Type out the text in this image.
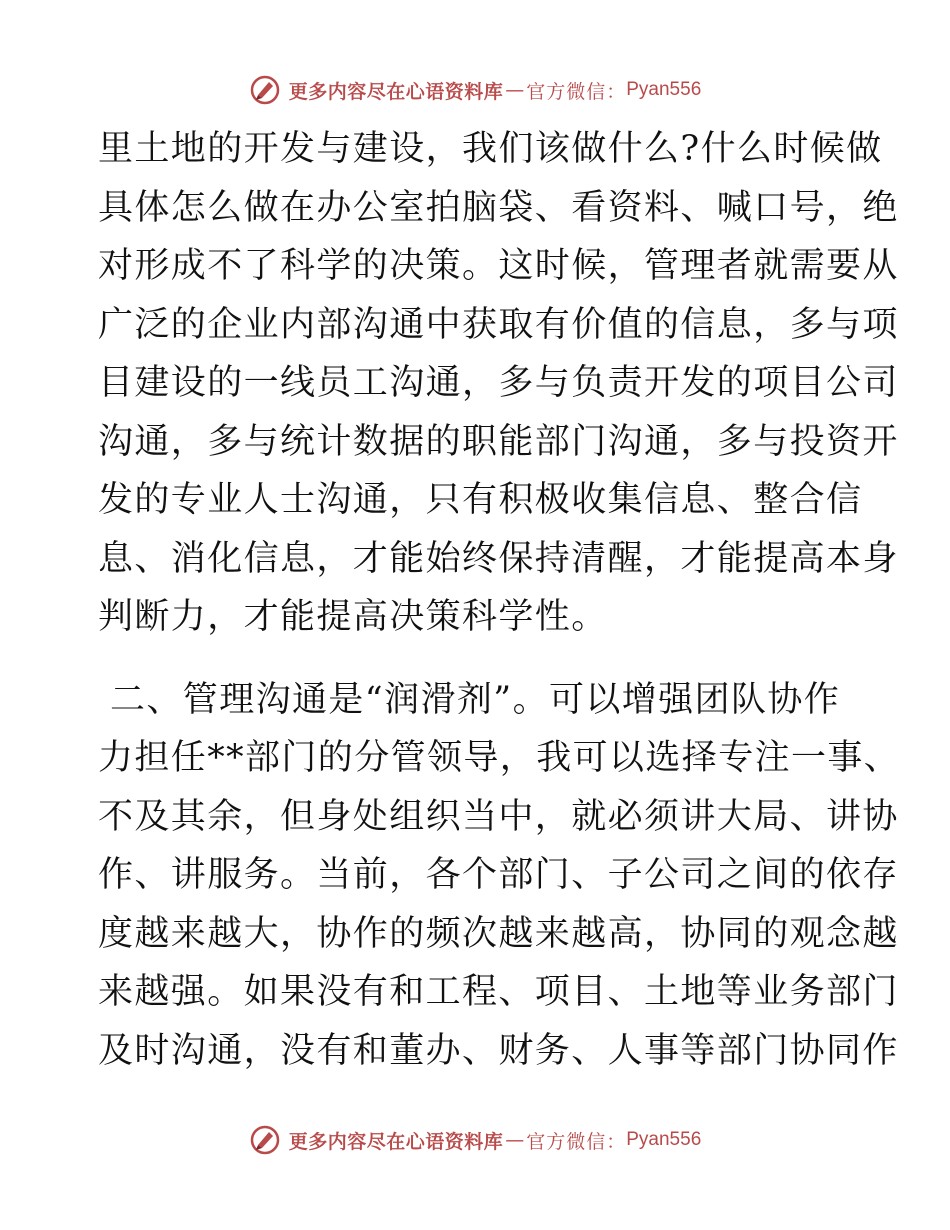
更多内容尽在心语资料库 — 官方微信： Pyan556
里土地的开发与建设，我们该做什么?什么时候做
具体怎么做在办公室拍脑袋、看资料、喊口号，绝
对形成不了科学的决策。这时候，管理者就需要从
广泛的企业内部沟通中获取有价值的信息，多与项
目建设的一线员工沟通，多与负责开发的项目公司
沟通，多与统计数据的职能部门沟通，多与投资开
发的专业人士沟通，只有积极收集信息、整合信
息、消化信息，才能始终保持清醒，才能提高本身
判断力，才能提高决策科学性。
二、管理沟通是“润滑剂”。可以增强团队协作
力担任**部门的分管领导，我可以选择专注一事、
不及其余，但身处组织当中，就必须讲大局、讲协
作、讲服务。当前，各个部门、子公司之间的依存
度越来越大，协作的频次越来越高，协同的观念越
来越强。如果没有和工程、项目、土地等业务部门
及时沟通，没有和董办、财务、人事等部门协同作
更多内容尽在心语资料库 — 官方微信： Pyan556
